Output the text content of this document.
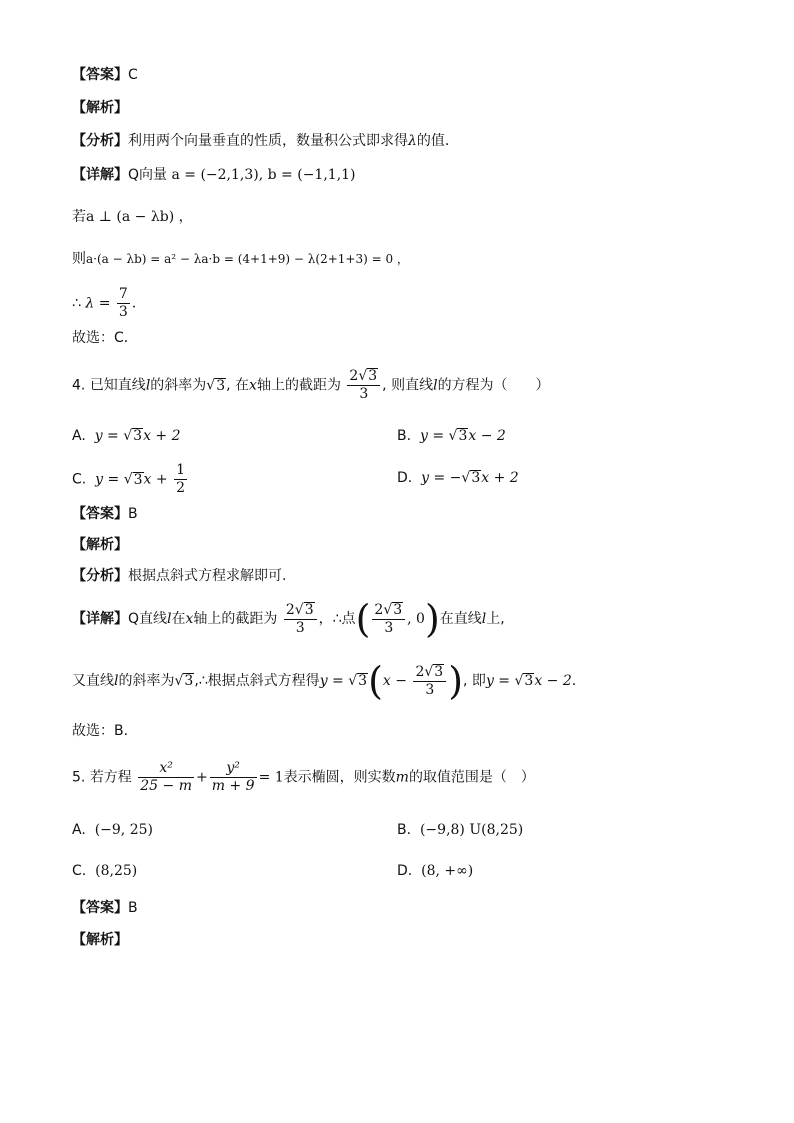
【答案】C
【解析】
【分析】利用两个向量垂直的性质，数量积公式即求得λ的值．
【详解】Q向量 a = (−2,1,3), b = (−1,1,1)
若a ⊥ (a − λb) ，
则a·(a − λb) = a² − λa·b = (4+1+9) − λ(2+1+3) = 0 ，
∴ $\lambda = \frac{7}{3}$ ．
故选：C．
4. 已知直线l的斜率为√3, 在x轴上的截距为 $\frac{2√3}{3}$ , 则直线l的方程为（　　）
A. y = √3x + 2	B. y = √3x − 2
C. $y = √3x + \frac{1}{2}$	D. y = −√3x + 2
【答案】B
【解析】
【分析】根据点斜式方程求解即可.
【详解】Q直线l在x轴上的截距为 $\frac{2√3}{3}$ ，∴点( $\frac{2√3}{3}$ , 0)在直线l上,
又直线l的斜率为√3,∴根据点斜式方程得$y = √3(x - \frac{2√3}{3}$ ), 即y = √3x − 2.
故选：B.
5. 若方程 $\frac{\text{x²}}{25 - m} + \frac{\text{y²}}{m + 9} = 1$表示椭圆，则实数m的取值范围是（　）
A. (−9, 25)	B. (−9,8) U(8,25)
C. (8,25)	D. (8, +∞)
【答案】B
【解析】
